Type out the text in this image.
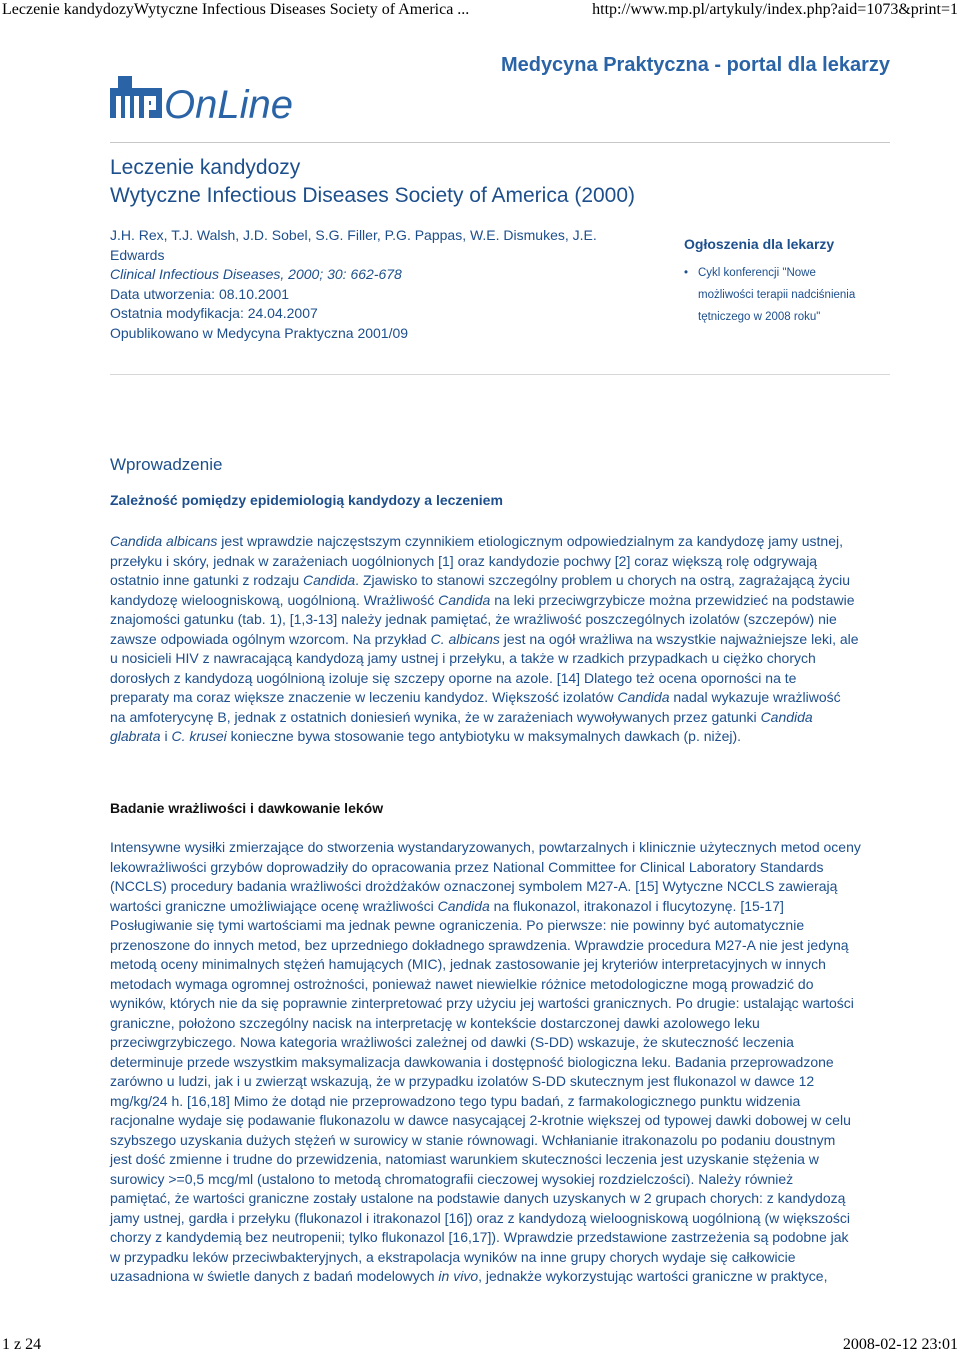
Leczenie kandydozyWytyczne Infectious Diseases Society of America ...	http://www.mp.pl/artykuly/index.php?aid=1073&print=1
Medycyna Praktyczna - portal dla lekarzy
OnLine
Leczenie kandydozy
Wytyczne Infectious Diseases Society of America (2000)
J.H. Rex, T.J. Walsh, J.D. Sobel, S.G. Filler, P.G. Pappas, W.E. Dismukes, J.E.
Edwards
Clinical Infectious Diseases, 2000; 30: 662-678
Data utworzenia: 08.10.2001
Ostatnia modyfikacja: 24.04.2007
Opublikowano w Medycyna Praktyczna 2001/09
Ogłoszenia dla lekarzy
• Cykl konferencji "Nowe
możliwości terapii nadciśnienia
tętniczego w 2008 roku"
Wprowadzenie
Zależność pomiędzy epidemiologią kandydozy a leczeniem

Candida albicans jest wprawdzie najczęstszym czynnikiem etiologicznym odpowiedzialnym za kandydozę jamy ustnej,

przełyku i skóry, jednak w zarażeniach uogólnionych [1] oraz kandydozie pochwy [2] coraz większą rolę odgrywają

ostatnio inne gatunki z rodzaju Candida. Zjawisko to stanowi szczególny problem u chorych na ostrą, zagrażającą życiu

kandydozę wieloogniskową, uogólnioną. Wrażliwość Candida na leki przeciwgrzybicze można przewidzieć na podstawie

znajomości gatunku (tab. 1), [1,3-13] należy jednak pamiętać, że wrażliwość poszczególnych izolatów (szczepów) nie

zawsze odpowiada ogólnym wzorcom. Na przykład C. albicans jest na ogół wrażliwa na wszystkie najważniejsze leki, ale

u nosicieli HIV z nawracającą kandydozą jamy ustnej i przełyku, a także w rzadkich przypadkach u ciężko chorych

dorosłych z kandydozą uogólnioną izoluje się szczepy oporne na azole. [14] Dlatego też ocena oporności na te

preparaty ma coraz większe znaczenie w leczeniu kandydoz. Większość izolatów Candida nadal wykazuje wrażliwość

na amfoterycynę B, jednak z ostatnich doniesień wynika, że w zarażeniach wywoływanych przez gatunki Candida

glabrata i C. krusei konieczne bywa stosowanie tego antybiotyku w maksymalnych dawkach (p. niżej).

Badanie wrażliwości i dawkowanie leków

Intensywne wysiłki zmierzające do stworzenia wystandaryzowanych, powtarzalnych i klinicznie użytecznych metod oceny

lekowrażliwości grzybów doprowadziły do opracowania przez National Committee for Clinical Laboratory Standards

(NCCLS) procedury badania wrażliwości drożdżaków oznaczonej symbolem M27-A. [15] Wytyczne NCCLS zawierają

wartości graniczne umożliwiające ocenę wrażliwości Candida na flukonazol, itrakonazol i flucytozynę. [15-17]

Posługiwanie się tymi wartościami ma jednak pewne ograniczenia. Po pierwsze: nie powinny być automatycznie

przenoszone do innych metod, bez uprzedniego dokładnego sprawdzenia. Wprawdzie procedura M27-A nie jest jedyną

metodą oceny minimalnych stężeń hamujących (MIC), jednak zastosowanie jej kryteriów interpretacyjnych w innych

metodach wymaga ogromnej ostrożności, ponieważ nawet niewielkie różnice metodologiczne mogą prowadzić do

wyników, których nie da się poprawnie zinterpretować przy użyciu jej wartości granicznych. Po drugie: ustalając wartości

graniczne, położono szczególny nacisk na interpretację w kontekście dostarczonej dawki azolowego leku

przeciwgrzybiczego. Nowa kategoria wrażliwości zależnej od dawki (S-DD) wskazuje, że skuteczność leczenia

determinuje przede wszystkim maksymalizacja dawkowania i dostępność biologiczna leku. Badania przeprowadzone

zarówno u ludzi, jak i u zwierząt wskazują, że w przypadku izolatów S-DD skutecznym jest flukonazol w dawce 12

mg/kg/24 h. [16,18] Mimo że dotąd nie przeprowadzono tego typu badań, z farmakologicznego punktu widzenia

racjonalne wydaje się podawanie flukonazolu w dawce nasycającej 2-krotnie większej od typowej dawki dobowej w celu

szybszego uzyskania dużych stężeń w surowicy w stanie równowagi. Wchłanianie itrakonazolu po podaniu doustnym

jest dość zmienne i trudne do przewidzenia, natomiast warunkiem skuteczności leczenia jest uzyskanie stężenia w

surowicy >=0,5 mcg/ml (ustalono to metodą chromatografii cieczowej wysokiej rozdzielczości). Należy również

pamiętać, że wartości graniczne zostały ustalone na podstawie danych uzyskanych w 2 grupach chorych: z kandydozą

jamy ustnej, gardła i przełyku (flukonazol i itrakonazol [16]) oraz z kandydozą wieloogniskową uogólnioną (w większości

chorzy z kandydemią bez neutropenii; tylko flukonazol [16,17]). Wprawdzie przedstawione zastrzeżenia są podobne jak

w przypadku leków przeciwbakteryjnych, a ekstrapolacja wyników na inne grupy chorych wydaje się całkowicie

uzasadniona w świetle danych z badań modelowych in vivo, jednakże wykorzystując wartości graniczne w praktyce,

1 z 24	2008-02-12 23:01
